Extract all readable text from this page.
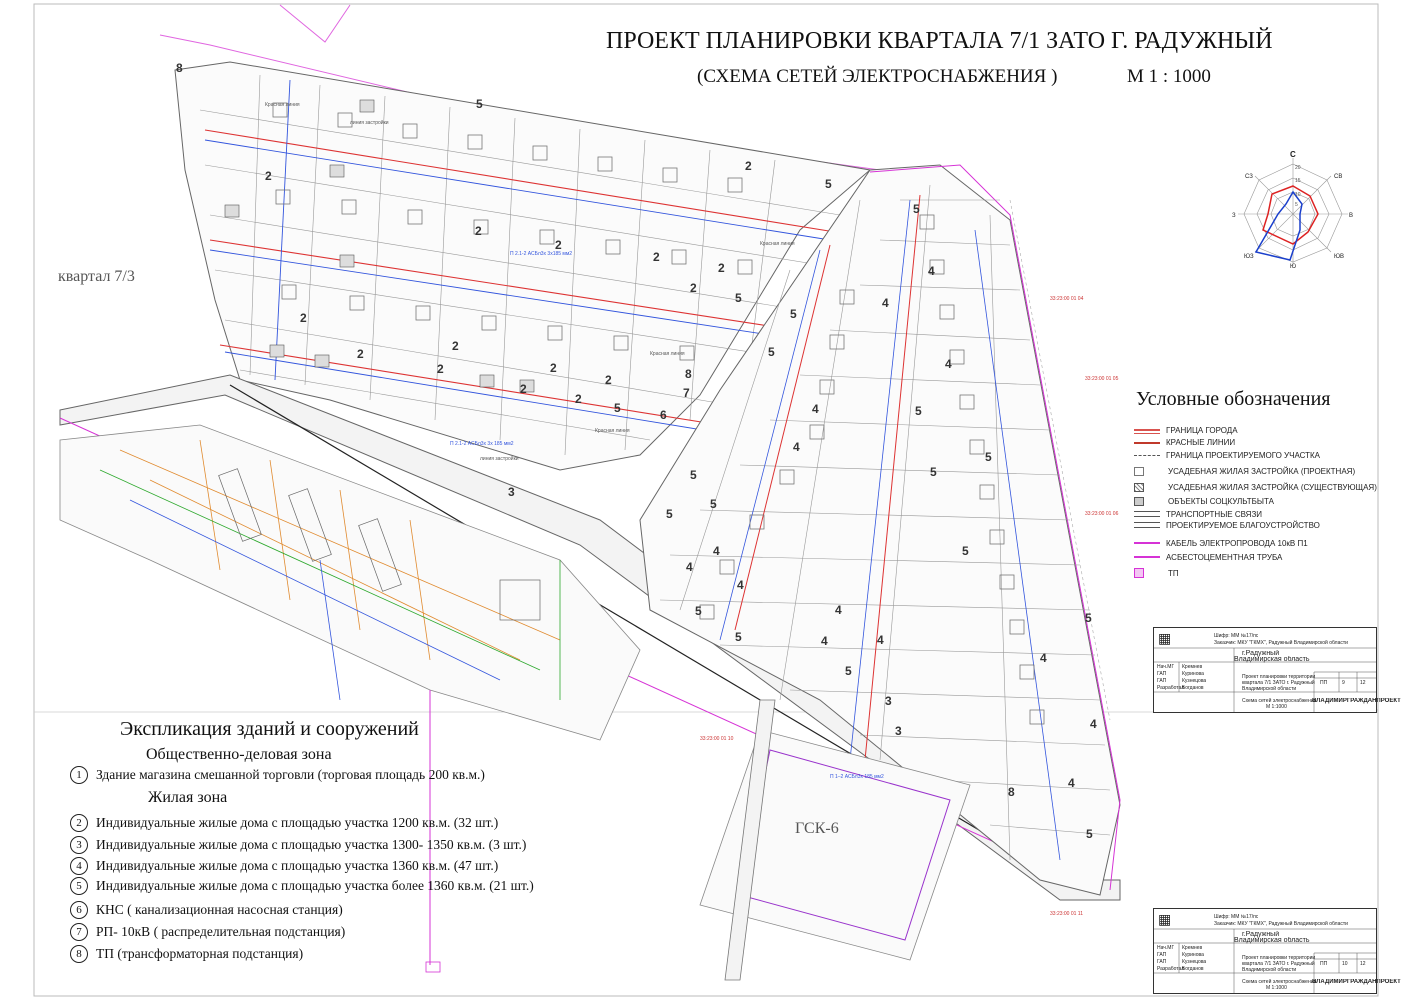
5
2
2
5
2
2
2
2
2
5
2
2
2
2	2
2
2
2
5	6
7
8
3
5
4
4
5
5
4
4	5
4
5
5
5
5
5
4
4
5
4
5	4
5	4
4
5
4
5
3
3
4
8
5
8
4
Красная линия
линия застройки
Красная линия
Красная линия
линия застройки
Красная линия
П 2.1-2 АСБл3х 3х185 мм2
П 2.1-2 АСБл3х 3х 185 мм2
П 1–2 АСБл3х 185 мм2
33:23:00 01 05
33:23:00 01 04
33:23:00 01 06
33:23:00 01 10
33:23:00 01 11
квартал 7/3
ГСК-6
ПРОЕКТ ПЛАНИРОВКИ КВАРТАЛА 7/1 ЗАТО Г. РАДУЖНЫЙ
(СХЕМА СЕТЕЙ ЭЛЕКТРОСНАБЖЕНИЯ )	М 1 : 1000
С
СВ
В
ЮВ
Ю
ЮЗ
З
СЗ
20
15
10
5
Условные обозначения
ГРАНИЦА ГОРОДА
КРАСНЫЕ ЛИНИИ
ГРАНИЦА ПРОЕКТИРУЕМОГО УЧАСТКА
УСАДЕБНАЯ ЖИЛАЯ ЗАСТРОЙКА (ПРОЕКТНАЯ)
УСАДЕБНАЯ ЖИЛАЯ ЗАСТРОЙКА (СУЩЕСТВУЮЩАЯ)
ОБЪЕКТЫ СОЦКУЛЬТБЫТА
ТРАНСПОРТНЫЕ СВЯЗИ
ПРОЕКТИРУЕМОЕ БЛАГОУСТРОЙСТВО
КАБЕЛЬ ЭЛЕКТРОПРОВОДА 10кВ П1
АСБЕСТОЦЕМЕНТНАЯ ТРУБА
ТП
▦	Шифр: ММ №17/пс
Заказчик: МКУ "ГКМХ", Радужный Владимирской области
г.Радужный
Владимирская область
Проект планировки территории квартала 7/1 ЗАТО г. Радужный Владимирской области
Схема сетей электроснабжения
М 1:1000
ПП	9	12
ВЛАДИМИРГРАЖДАНПРОЕКТ
Нач.МГ Кремнев
ГАП	Куринова
ГАП	Кузнецова
Разработал
Богданов
▦	Шифр: ММ №17/пс
Заказчик: МКУ "ГКМХ", Радужный Владимирской области
г.Радужный
Владимирская область
Проект планировки территории квартала 7/1 ЗАТО г. Радужный Владимирской области
Схема сетей электроснабжения
М 1:1000
ПП	10 12
ВЛАДИМИРГРАЖДАНПРОЕКТ
Нач.МГ Кремнев
ГАП	Куринова
ГАП	Кузнецова
Разработал
Богданов
Экспликация зданий и сооружений
Общественно-деловая зона
Жилая зона
1	Здание магазина смешанной торговли (торговая площадь 200 кв.м.)
2	Индивидуальные жилые дома с площадью участка 1200 кв.м. (32 шт.)
3	Индивидуальные жилые дома с площадью участка 1300- 1350 кв.м. (3 шт.)
4	Индивидуальные жилые дома с площадью участка 1360 кв.м. (47 шт.)
5	Индивидуальные жилые дома с площадью участка более 1360 кв.м. (21 шт.)
6	КНС ( канализационная насосная станция)
7	РП- 10кВ ( распределительная подстанция)
8	ТП (трансформаторная подстанция)
